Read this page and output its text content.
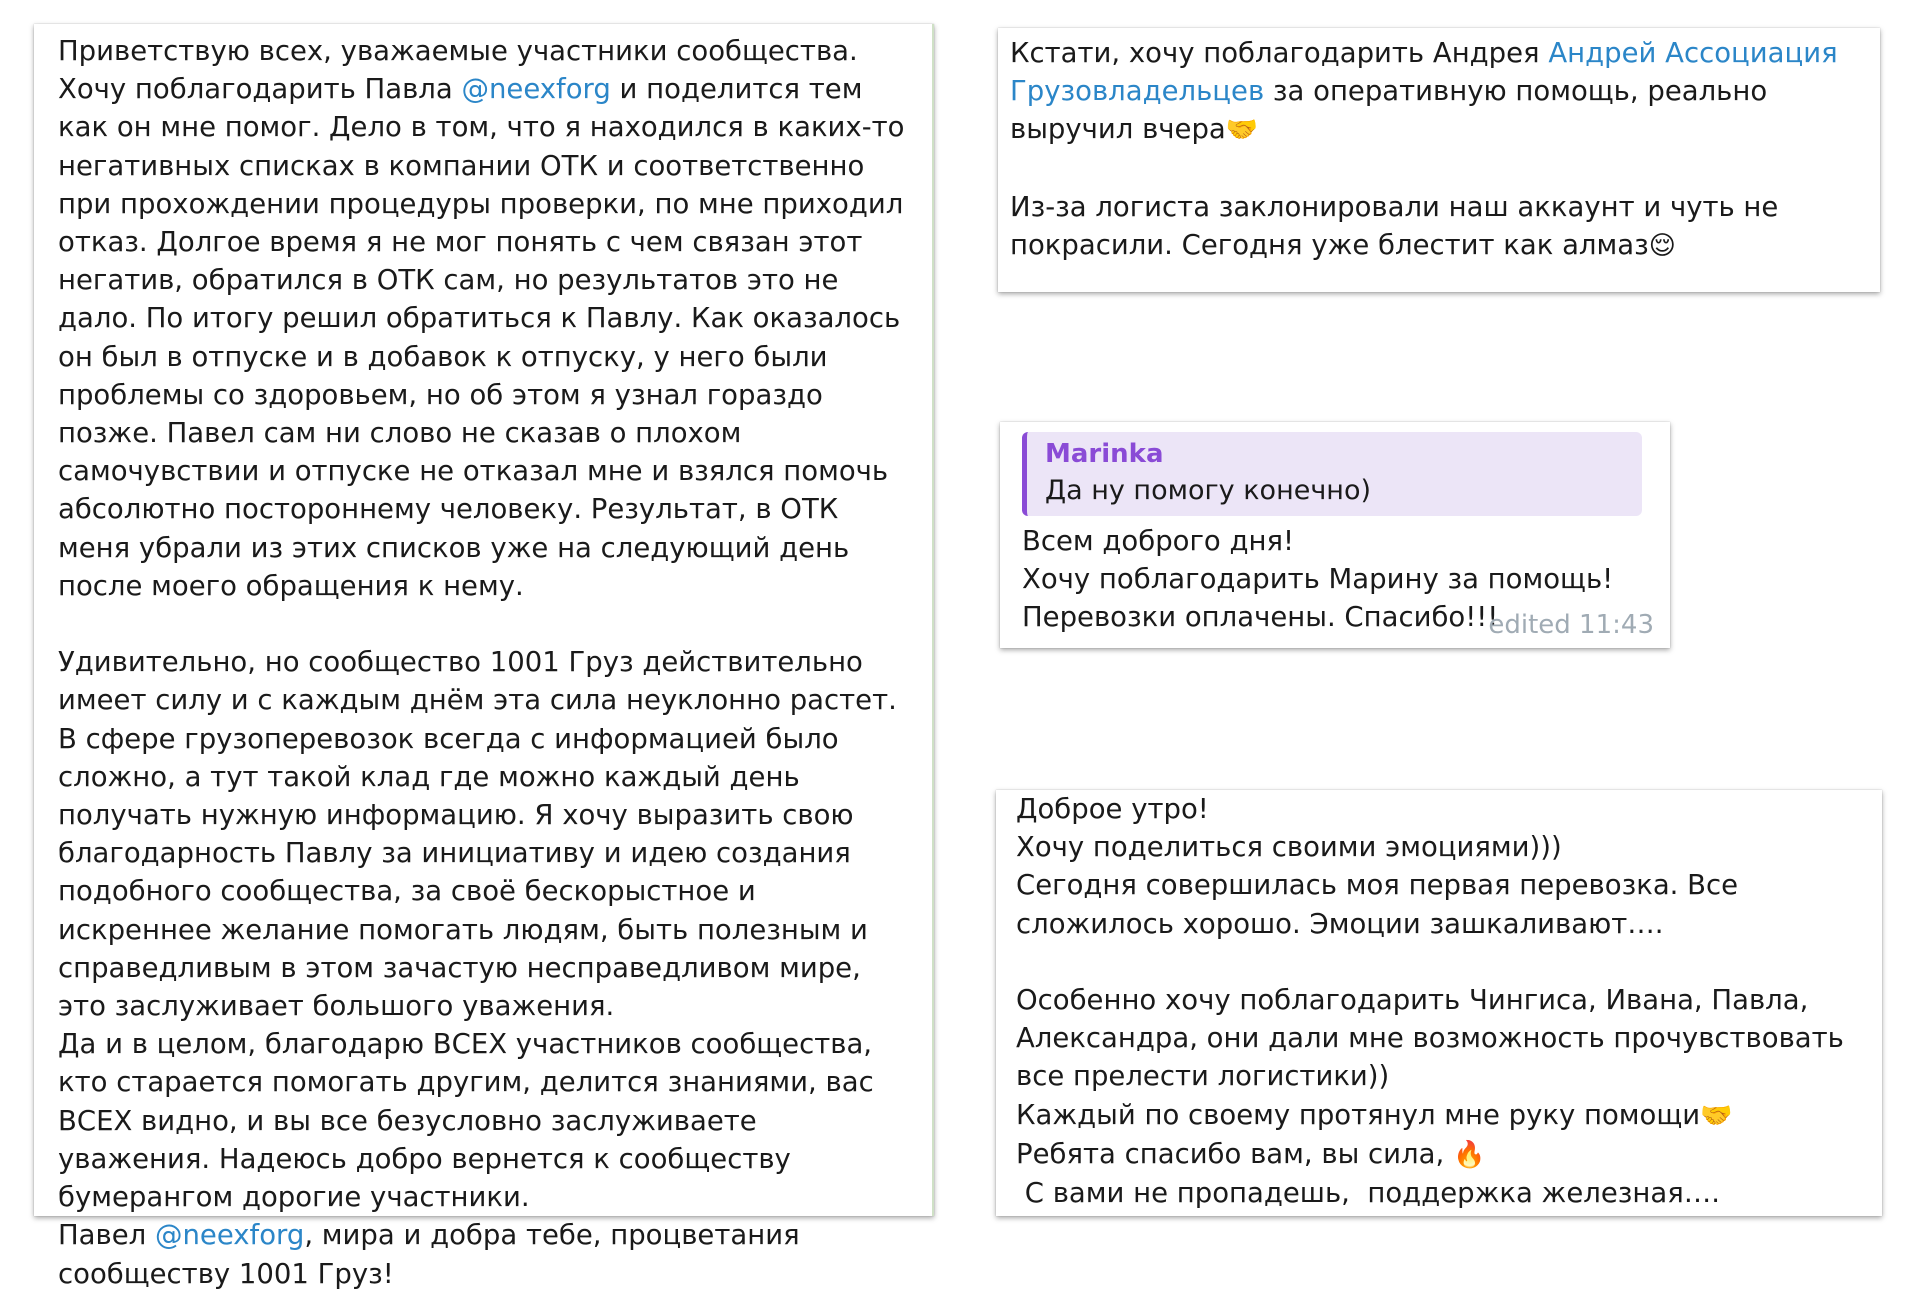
Приветствую всех, уважаемые участники сообщества. Хочу поблагодарить Павла @neexforg и поделится тем как он мне помог. Дело в том, что я находился в каких-то негативных списках в компании ОТК и соответственно при прохождении процедуры проверки, по мне приходил отказ. Долгое время я не мог понять с чем связан этот негатив, обратился в ОТК сам, но результатов это не дало. По итогу решил обратиться к Павлу. Как оказалось он был в отпуске и в добавок к отпуску, у него были проблемы со здоровьем, но об этом я узнал гораздо позже. Павел сам ни слово не сказав о плохом самочувствии и отпуске не отказал мне и взялся помочь абсолютно постороннему человеку. Результат, в ОТК меня убрали из этих списков уже на следующий день после моего обращения к нему.

Удивительно, но сообщество 1001 Груз действительно имеет силу и с каждым днём эта сила неуклонно растет. В сфере грузоперевозок всегда с информацией было сложно, а тут такой клад где можно каждый день получать нужную информацию. Я хочу выразить свою благодарность Павлу за инициативу и идею создания подобного сообщества, за своё бескорыстное и искреннее желание помогать людям, быть полезным и справедливым в этом зачастую несправедливом мире, это заслуживает большого уважения.
Да и в целом, благодарю ВСЕХ участников сообщества, кто старается помогать другим, делится знаниями, вас ВСЕХ видно, и вы все безусловно заслуживаете уважения. Надеюсь добро вернется к сообществу бумерангом дорогие участники.
Павел @neexforg, мира и добра тебе, процветания сообществу 1001 Груз!

Кстати, хочу поблагодарить Андрея Андрей Ассоциация Грузовладельцев за оперативную помощь, реально выручил вчера🤝

Из-за логиста заклонировали наш аккаунт и чуть не покрасили. Сегодня уже блестит как алмаз😌

Marinka
Да ну помогу конечно)

Всем доброго дня!
Хочу поблагодарить Марину за помощь!
Перевозки оплачены. Спасибо!!!

edited 11:43

Доброе утро!
Хочу поделиться своими эмоциями)))
Сегодня совершилась моя первая перевозка. Все сложилось хорошо. Эмоции зашкаливают….

Особенно хочу поблагодарить Чингиса, Ивана, Павла, Александра, они дали мне возможность прочувствовать  все прелести логистики))
Каждый по своему протянул мне руку помощи🤝
Ребята спасибо вам, вы сила, 🔥
С вами не пропадешь,  поддержка железная….
